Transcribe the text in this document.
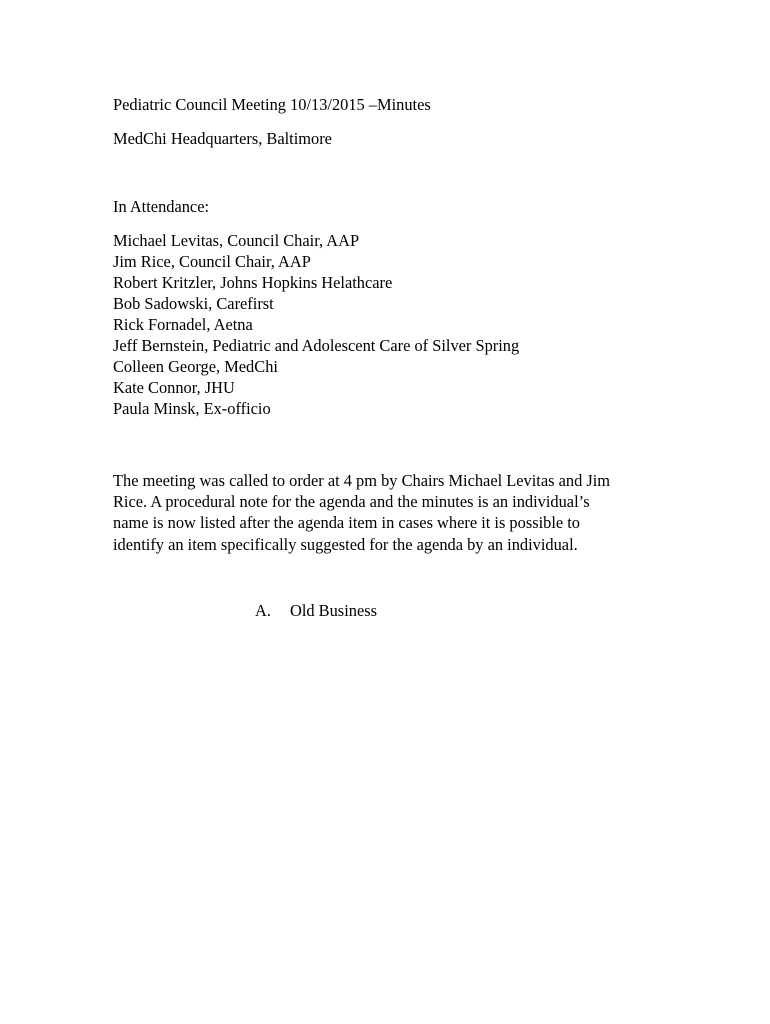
Pediatric Council Meeting 10/13/2015 –Minutes
MedChi Headquarters, Baltimore
In Attendance:
Michael Levitas, Council Chair, AAP
Jim Rice, Council Chair, AAP
Robert Kritzler, Johns Hopkins Helathcare
Bob Sadowski, Carefirst
Rick Fornadel, Aetna
Jeff Bernstein, Pediatric and Adolescent Care of Silver Spring
Colleen George, MedChi
Kate Connor, JHU
Paula Minsk, Ex-officio

The meeting was called to order at 4 pm by Chairs Michael Levitas and Jim
Rice. A procedural note for the agenda and the minutes is an individual’s
name is now listed after the agenda item in cases where it is possible to
identify an item specifically suggested for the agenda by an individual.

A. Old Business
